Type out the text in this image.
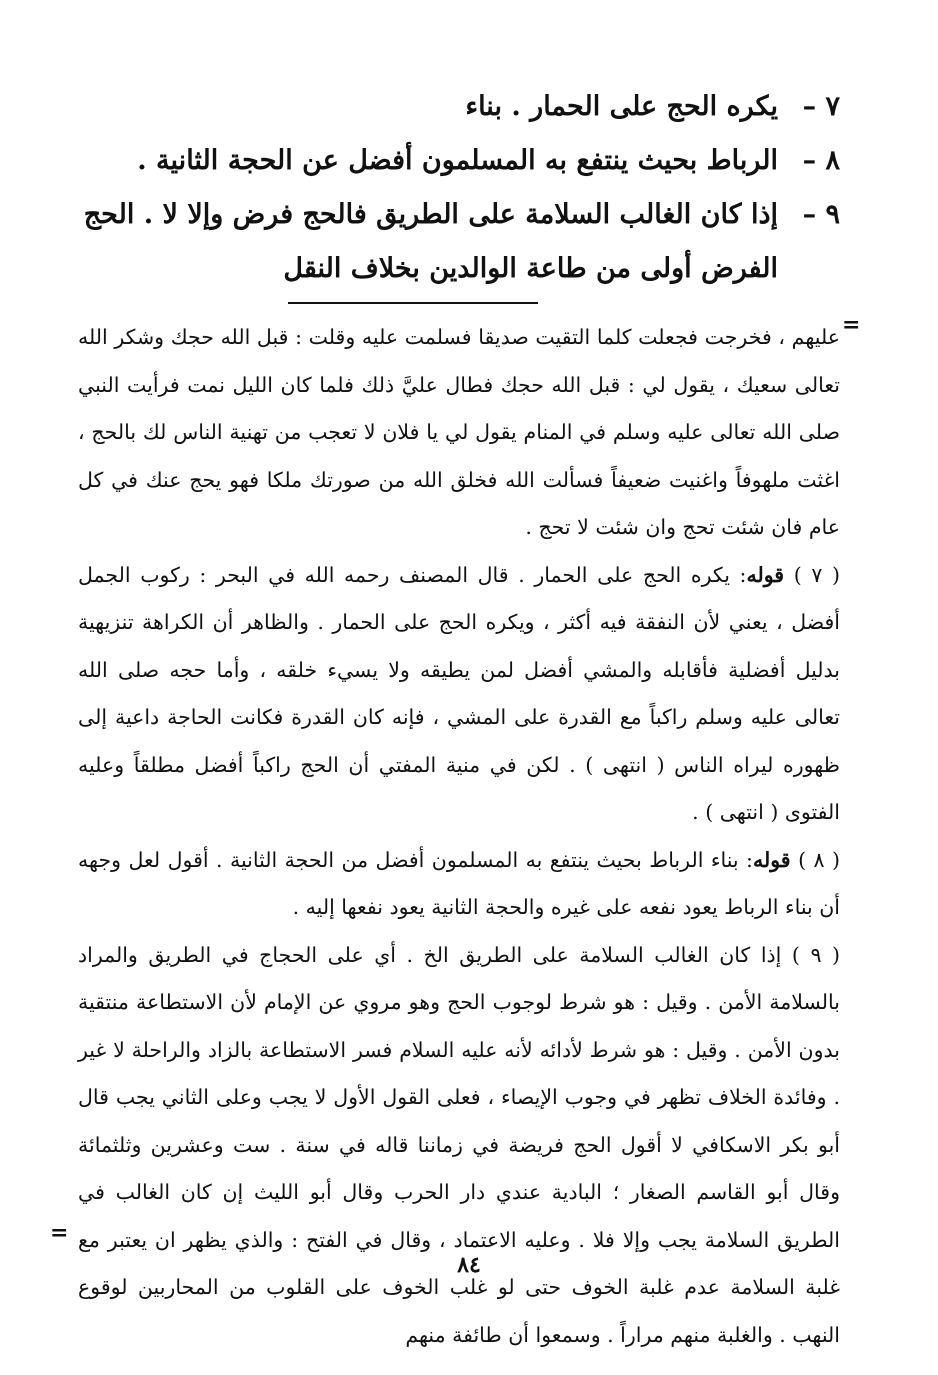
٧ –
يكره الحج على الحمار . بناء
٨ –
الرباط بحيث ينتفع به المسلمون أفضل عن الحجة الثانية .
٩ –
إذا كان الغالب السلامة على الطريق فالحج فرض وإلا لا . الحج
الفرض أولى من طاعة الوالدين بخلاف النقل

عليهم ، فخرجت فجعلت كلما التقيت صديقا فسلمت عليه وقلت : قبل الله حجك وشكر الله تعالى سعيك ، يقول لي : قبل الله حجك فطال عليَّ ذلك فلما كان الليل نمت فرأيت النبي صلى الله تعالى عليه وسلم في المنام يقول لي يا فلان لا تعجب من تهنية الناس لك بالحج ، اغثت ملهوفاً واغنيت ضعيفاً فسألت الله فخلق الله من صورتك ملكا فهو يحج عنك في كل عام فان شئت تحج وان شئت لا تحج .

( ٧ ) قوله: يكره الحج على الحمار . قال المصنف رحمه الله في البحر : ركوب الجمل أفضل ، يعني لأن النفقة فيه أكثر ، ويكره الحج على الحمار . والظاهر أن الكراهة تنزيهية بدليل أفضلية فأقابله والمشي أفضل لمن يطيقه ولا يسيء خلقه ، وأما حجه صلى الله تعالى عليه وسلم راكباً مع القدرة على المشي ، فإنه كان القدرة فكانت الحاجة داعية إلى ظهوره ليراه الناس ( انتهى ) . لكن في منية المفتي أن الحج راكباً أفضل مطلقاً وعليه الفتوى ( انتهى ) .

( ٨ ) قوله: بناء الرباط بحيث ينتفع به المسلمون أفضل من الحجة الثانية . أقول لعل وجهه أن بناء الرباط يعود نفعه على غيره والحجة الثانية يعود نفعها إليه .

( ٩ ) إذا كان الغالب السلامة على الطريق الخ . أي على الحجاج في الطريق والمراد بالسلامة الأمن . وقيل : هو شرط لوجوب الحج وهو مروي عن الإمام لأن الاستطاعة منتقية بدون الأمن . وقيل : هو شرط لأدائه لأنه عليه السلام فسر الاستطاعة بالزاد والراحلة لا غير . وفائدة الخلاف تظهر في وجوب الإيصاء ، فعلى القول الأول لا يجب وعلى الثاني يجب قال أبو بكر الاسكافي لا أقول الحج فريضة في زماننا قاله في سنة . ست وعشرين وثلثمائة وقال أبو القاسم الصغار ؛ البادية عندي دار الحرب وقال أبو الليث إن كان الغالب في الطريق السلامة يجب وإلا فلا . وعليه الاعتماد ، وقال في الفتح : والذي يظهر ان يعتبر مع غلبة السلامة عدم غلبة الخوف حتى لو غلب الخوف على القلوب من المحاربين لوقوع النهب . والغلبة منهم مراراً . وسمعوا أن طائفة منهم

=
=
٨٤
